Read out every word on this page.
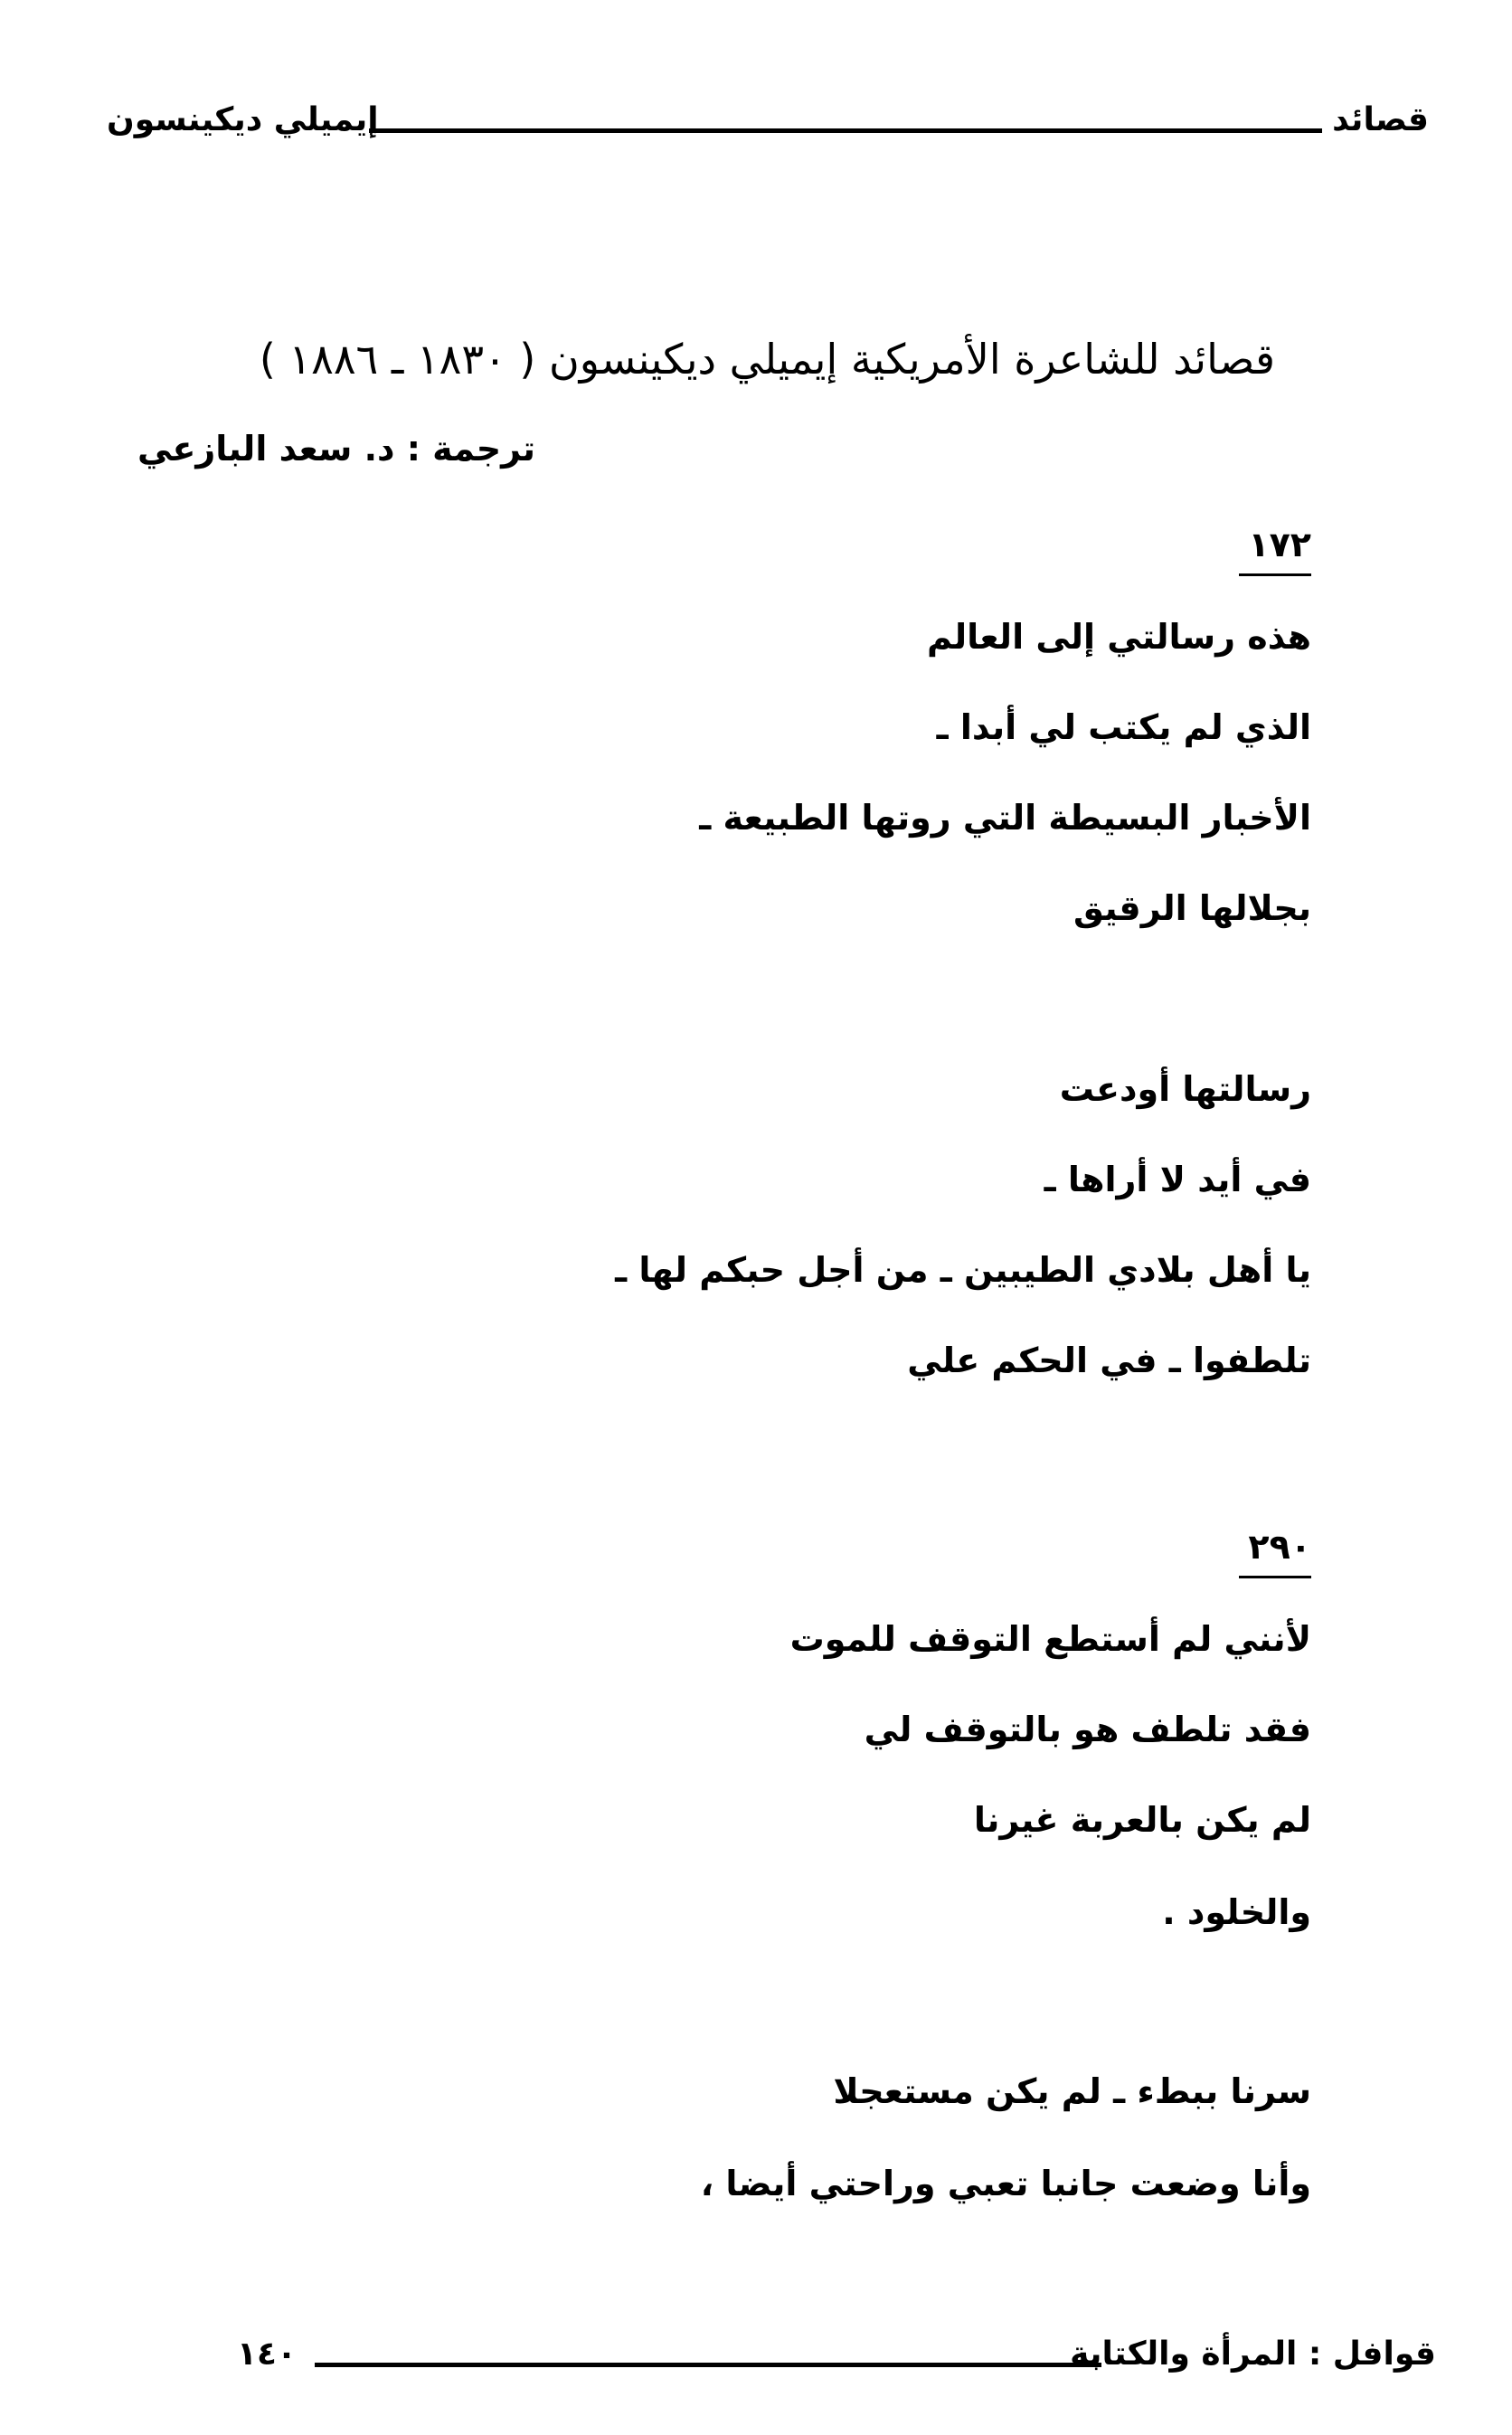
قصائد
إيميلي ديكينسون
قصائد للشاعرة الأمريكية إيميلي ديكينسون ( ١٨٣٠ ـ ١٨٨٦ )
ترجمة : د. سعد البازعي
١٧٢
هذه رسالتي إلى العالم
الذي لم يكتب لي أبدا ـ
الأخبار البسيطة التي روتها الطبيعة ـ
بجلالها الرقيق
رسالتها أودعت
في أيد لا أراها ـ
يا أهل بلادي الطيبين ـ من أجل حبكم لها ـ
تلطفوا ـ في الحكم علي
٢٩٠
لأنني لم أستطع التوقف للموت
فقد تلطف هو بالتوقف لي
لم يكن بالعربة غيرنا
والخلود .
سرنا ببطء ـ لم يكن مستعجلا
وأنا وضعت جانبا تعبي وراحتي أيضا ،
قوافل : المرأة والكتابة
١٤٠
